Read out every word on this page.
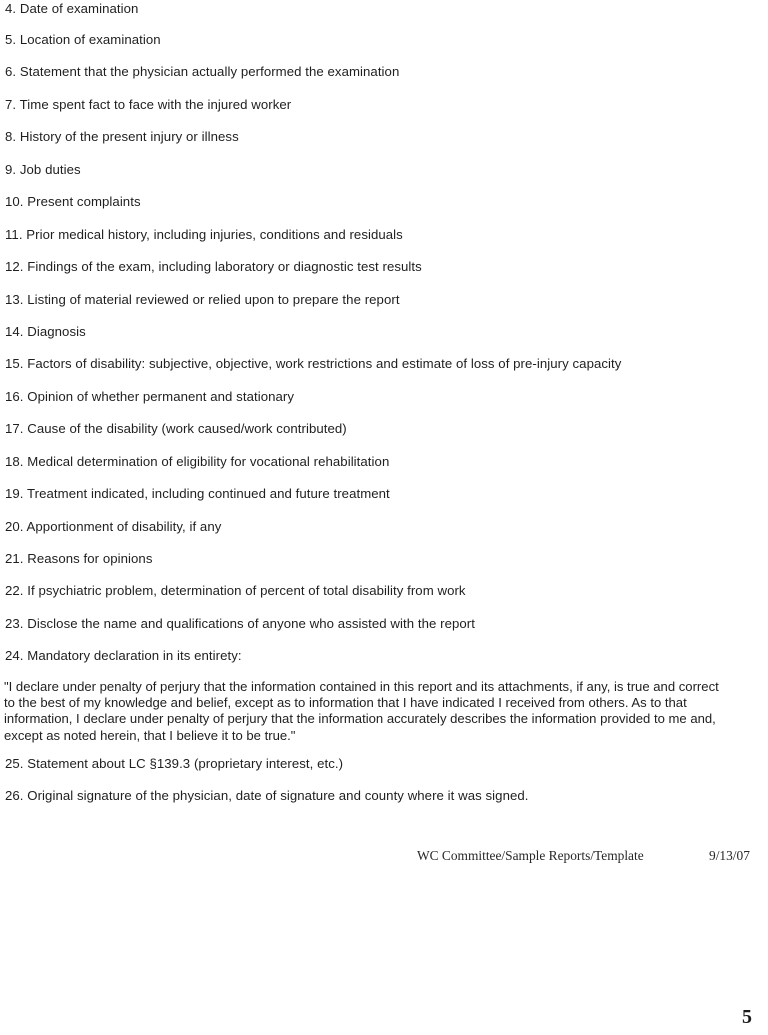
4. Date of examination
5. Location of examination
6. Statement that the physician actually performed the examination
7. Time spent fact to face with the injured worker
8. History of the present injury or illness
9. Job duties
10. Present complaints
11. Prior medical history, including injuries, conditions and residuals
12. Findings of the exam, including laboratory or diagnostic test results
13. Listing of material reviewed or relied upon to prepare the report
14. Diagnosis
15. Factors of disability: subjective, objective, work restrictions and estimate of loss of pre-injury capacity
16. Opinion of whether permanent and stationary
17. Cause of the disability (work caused/work contributed)
18. Medical determination of eligibility for vocational rehabilitation
19. Treatment indicated, including continued and future treatment
20. Apportionment of disability, if any
21. Reasons for opinions
22. If psychiatric problem, determination of percent of total disability from work
23. Disclose the name and qualifications of anyone who assisted with the report
24. Mandatory declaration in its entirety:
"I declare under penalty of perjury that the information contained in this report and its attachments, if any, is true and correct
to the best of my knowledge and belief, except as to information that I have indicated I received from others. As to that
information, I declare under penalty of perjury that the information accurately describes the information provided to me and,
except as noted herein, that I believe it to be true."
25. Statement about LC §139.3 (proprietary interest, etc.)
26. Original signature of the physician, date of signature and county where it was signed.
WC Committee/Sample Reports/Template	9/13/07
5
